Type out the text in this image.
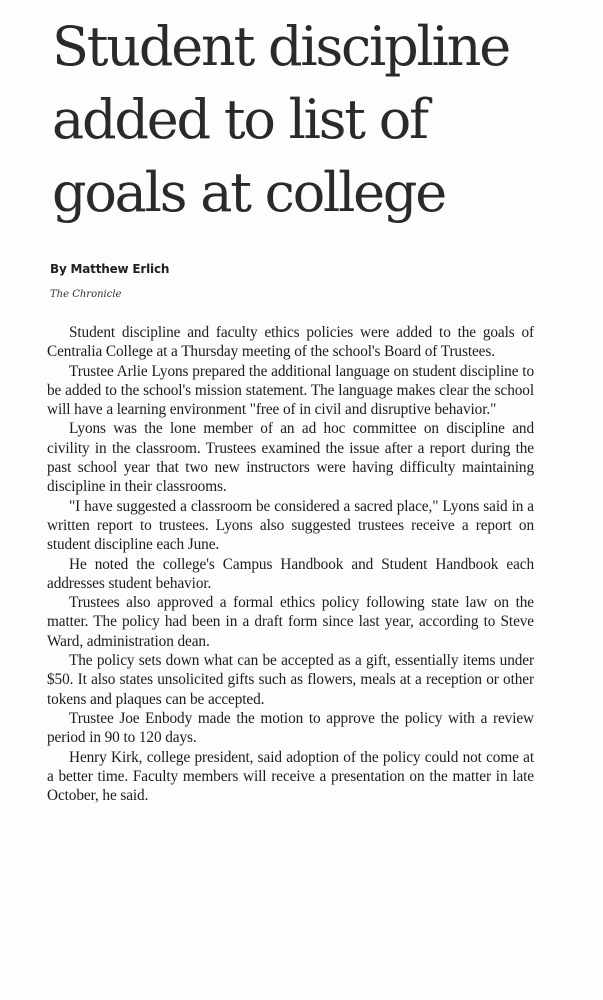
Student discipline added to list of goals at college
By Matthew Erlich
The Chronicle

Student discipline and faculty ethics policies were added to the goals of Centralia College at a Thursday meeting of the school's Board of Trustees.

Trustee Arlie Lyons prepared the additional language on student discipline to be added to the school's mission statement. The language makes clear the school will have a learning environment "free of in civil and disruptive behavior."

Lyons was the lone member of an ad hoc committee on discipline and civility in the classroom. Trustees examined the issue after a report during the past school year that two new instructors were having difficulty maintaining discipline in their classrooms.

"I have suggested a classroom be considered a sacred place," Lyons said in a written report to trustees. Lyons also suggested trustees receive a report on student discipline each June.

He noted the college's Campus Handbook and Student Handbook each addresses student behavior.

Trustees also approved a formal ethics policy following state law on the matter. The policy had been in a draft form since last year, according to Steve Ward, administration dean.

The policy sets down what can be accepted as a gift, essentially items under $50. It also states unsolicited gifts such as flowers, meals at a reception or other tokens and plaques can be accepted.

Trustee Joe Enbody made the motion to approve the policy with a review period in 90 to 120 days.

Henry Kirk, college president, said adoption of the policy could not come at a better time. Faculty members will receive a presentation on the matter in late October, he said.
